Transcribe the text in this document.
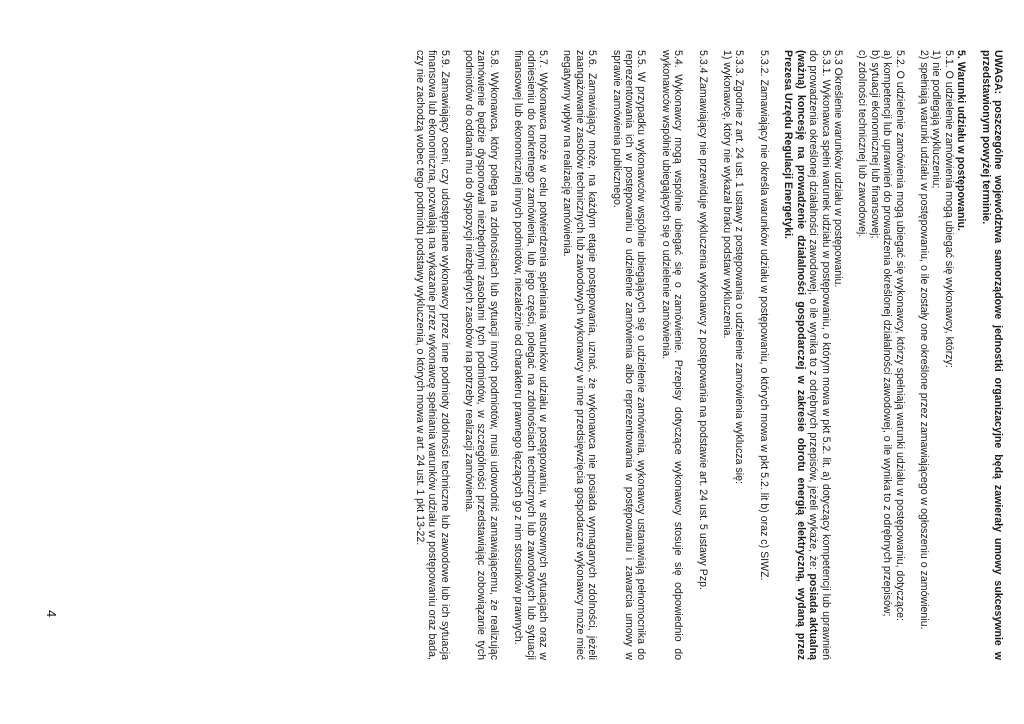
UWAGA: poszczególne województwa samorządowe jednostki organizacyjne będą zawierały umowy sukcesywnie w przedstawionym powyżej terminie.

5. Warunki udziału w postępowaniu.

5.1. O udzielenie zamówienia mogą ubiegać się wykonawcy, którzy:

1) nie podlegają wykluczeniu;

2) spełniają warunki udziału w postępowaniu, o ile zostały one określone przez zamawiającego w ogłoszeniu o zamówieniu.

5.2. O udzielenie zamówienia mogą ubiegać się wykonawcy, którzy spełniają warunki udziału w postępowaniu, dotyczące:

a) kompetencji lub uprawnień do prowadzenia określonej działalności zawodowej, o ile wynika to z odrębnych przepisów;

b) sytuacji ekonomicznej lub finansowej;

c) zdolności technicznej lub zawodowej.

5.3 Określenie warunków udziału w postępowaniu.

5.3.1. Wykonawca spełni warunek udziału w postępowaniu, o którym mowa w pkt 5.2. lit. a) dotyczący kompetencji lub uprawnień do prowadzenia określonej działalności zawodowej, o ile wynika to z odrębnych przepisów, jeżeli wykaże, że: posiada aktualną (ważną) koncesję na prowadzenie działalności gospodarczej w zakresie obrotu energią elektryczną, wydaną przez Prezesa Urzędu Regulacji Energetyki.

5.3.2. Zamawiający nie określa warunków udziału w postępowaniu, o których mowa w pkt 5.2. lit b) oraz c) SIWZ.

5.3.3. Zgodnie z art. 24 ust. 1 ustawy z postępowania o udzielenie zamówienia wyklucza się:

1) wykonawcę, który nie wykazał braku podstaw wykluczenia.

5.3.4 Zamawiający nie przewiduje wykluczenia wykonawcy z postępowania na podstawie art. 24 ust. 5 ustawy Pzp.

5.4. Wykonawcy mogą wspólnie ubiegać się o zamówienie. Przepisy dotyczące wykonawcy stosuje się odpowiednio do wykonawców wspólnie ubiegających się o udzielenie zamówienia.

5.5. W przypadku wykonawców wspólnie ubiegających się o udzielenie zamówienia, wykonawcy ustanawiają pełnomocnika do reprezentowania ich w postępowaniu o udzielenie zamówienia albo reprezentowania w postępowaniu i zawarcia umowy w sprawie zamówienia publicznego.

5.6. Zamawiający może, na każdym etapie postępowania, uznać, że wykonawca nie posiada wymaganych zdolności, jeżeli zaangażowanie zasobów technicznych lub zawodowych wykonawcy w inne przedsięwzięcia gospodarcze wykonawcy może mieć negatywny wpływ na realizację zamówienia.

5.7. Wykonawca może w celu potwierdzenia spełniania warunków udziału w postępowaniu, w stosownych sytuacjach oraz w odniesieniu do konkretnego zamówienia, lub jego części, polegać na zdolnościach technicznych lub zawodowych lub sytuacji finansowej lub ekonomicznej innych podmiotów, niezależnie od charakteru prawnego łączących go z nim stosunków prawnych.

5.8. Wykonawca, który polega na zdolnościach lub sytuacji innych podmiotów, musi udowodnić zamawiającemu, że realizując zamówienie będzie dysponował niezbędnymi zasobami tych podmiotów, w szczególności przedstawiając zobowiązanie tych podmiotów do oddania mu do dyspozycji niezbędnych zasobów na potrzeby realizacji zamówienia.

5.9. Zamawiający oceni, czy udostępniane wykonawcy przez inne podmioty zdolności techniczne lub zawodowe lub ich sytuacja finansowa lub ekonomiczna, pozwalają na wykazanie przez wykonawcę spełniania warunków udziału w postępowaniu oraz bada, czy nie zachodzą wobec tego podmiotu podstawy wykluczenia, o których mowa w art. 24 ust. 1 pkt 13-22.

4
